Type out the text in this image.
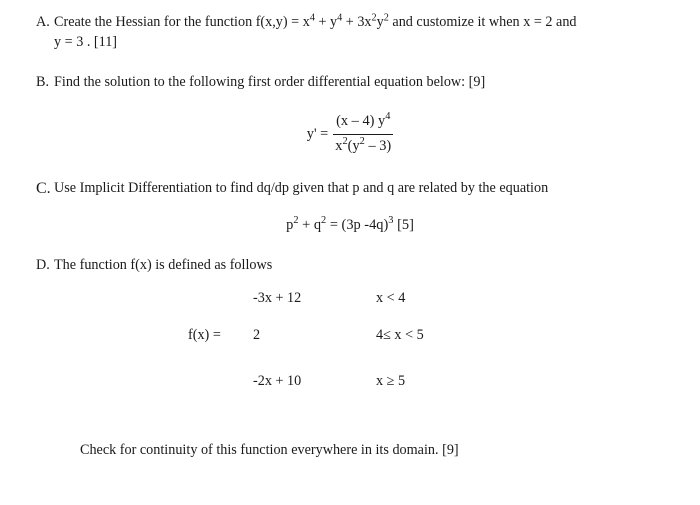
A. Create the Hessian for the function $f(x,y) = x^4 + y^4 + 3x^2y^2$ and customize it when x = 2 and
y = 3 . [11]
B. Find the solution to the following first order differential equation below: [9]
$y' = \frac{(x - 4) y^4}{x^2(y^2 - 3)}$
C. Use Implicit Differentiation to find dq/dp given that p and q are related by the equation
$p^2 + q^2 = (3p$ -4q)$^3$ [5]
D. The function f(x) is defined as follows
-3x + 12	x < 4
f(x) = 2	4≤ x < 5
-2x + 10	x ≥ 5
Check for continuity of this function everywhere in its domain. [9]
